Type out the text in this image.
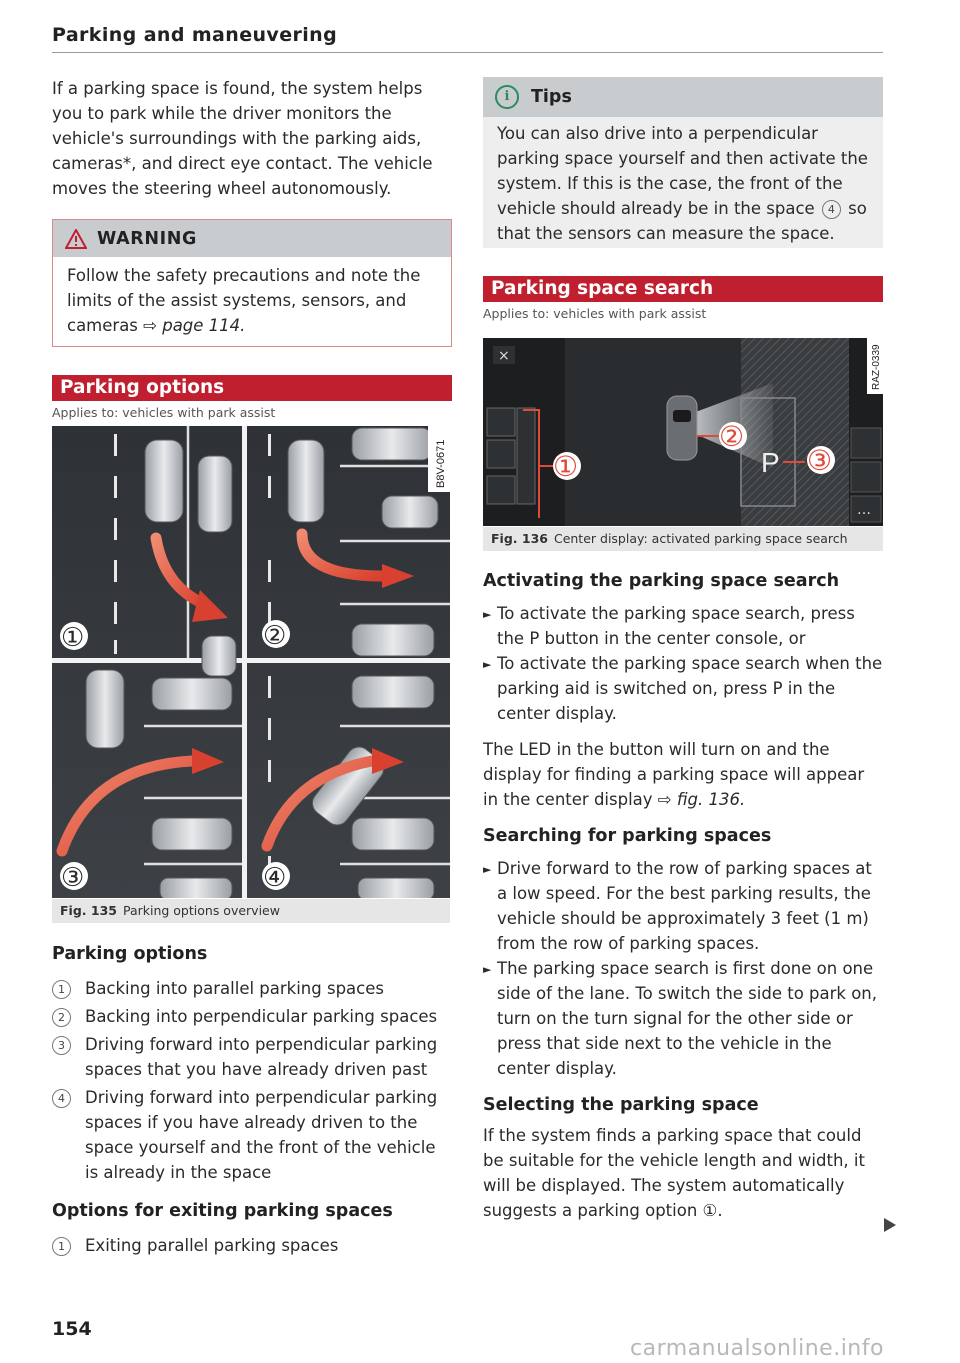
Parking and maneuvering

If a parking space is found, the system helps you to park while the driver monitors the vehicle's surroundings with the parking aids, cameras*, and direct eye contact. The vehicle moves the steering wheel autonomously.

WARNING
Follow the safety precautions and note the limits of the assist systems, sensors, and cameras ⇨ page 114.
Parking options
Applies to: vehicles with park assist
B8V-0671
①	②
③	④
Fig. 135 Parking options overview
Parking options
1	Backing into parallel parking spaces
2	Backing into perpendicular parking spaces
3	Driving forward into perpendicular parking spaces that you have already driven past
4	Driving forward into perpendicular parking spaces if you have already driven to the space yourself and the front of the vehicle is already in the space
Options for exiting parking spaces
1	Exiting parallel parking spaces
i	Tips
You can also drive into a perpendicular parking space yourself and then activate the system. If this is the case, the front of the vehicle should already be in the space 4 so that the sensors can measure the space.
Parking space search
Applies to: vehicles with park assist
×
P
…
①
②
③
RAZ-0339
Fig. 136 Center display: activated parking space search
Activating the parking space search
► To activate the parking space search, press the P button in the center console, or
► To activate the parking space search when the parking aid is switched on, press P in the center display.

The LED in the button will turn on and the display for finding a parking space will appear in the center display ⇨ fig. 136.

Searching for parking spaces
► Drive forward to the row of parking spaces at a low speed. For the best parking results, the vehicle should be approximately 3 feet (1 m) from the row of parking spaces.
► The parking space search is first done on one side of the lane. To switch the side to park on, turn on the turn signal for the other side or press that side next to the vehicle in the center display.
Selecting the parking space

If the system finds a parking space that could be suitable for the vehicle length and width, it will be displayed. The system automatically suggests a parking option ①.

154
carmanualsonline.info
